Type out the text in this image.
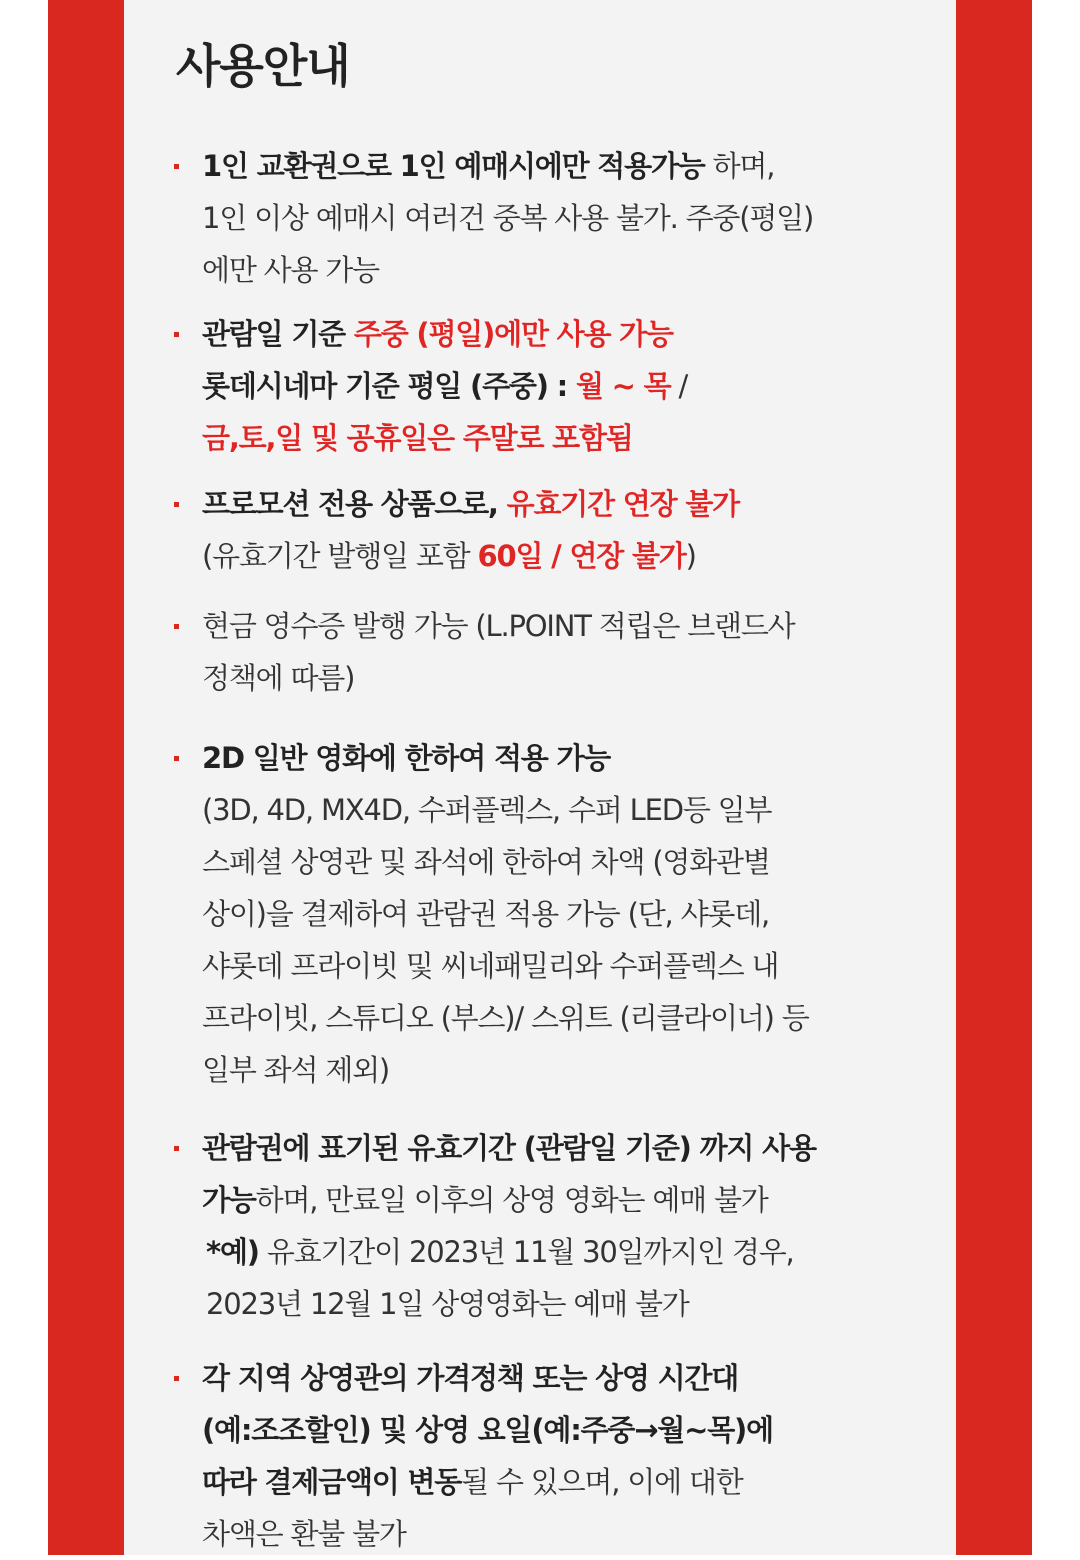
사용안내
1인 교환권으로 1인 예매시에만 적용가능 하며,
1인 이상 예매시 여러건 중복 사용 불가. 주중(평일)
에만 사용 가능
관람일 기준 주중 (평일)에만 사용 가능
롯데시네마 기준 평일 (주중) : 월 ~ 목 /
금,토,일 및 공휴일은 주말로 포함됨
프로모션 전용 상품으로, 유효기간 연장 불가
(유효기간 발행일 포함 60일 / 연장 불가)
현금 영수증 발행 가능 (L.POINT 적립은 브랜드사
정책에 따름)
2D 일반 영화에 한하여 적용 가능
(3D, 4D, MX4D, 수퍼플렉스, 수퍼 LED등 일부
스페셜 상영관 및 좌석에 한하여 차액 (영화관별
상이)을 결제하여 관람권 적용 가능 (단, 샤롯데,
샤롯데 프라이빗 및 씨네패밀리와 수퍼플렉스 내
프라이빗, 스튜디오 (부스)/ 스위트 (리클라이너) 등
일부 좌석 제외)
관람권에 표기된 유효기간 (관람일 기준) 까지 사용
가능하며, 만료일 이후의 상영 영화는 예매 불가
*예) 유효기간이 2023년 11월 30일까지인 경우,
2023년 12월 1일 상영영화는 예매 불가
각 지역 상영관의 가격정책 또는 상영 시간대
(예:조조할인) 및 상영 요일(예:주중→월~목)에
따라 결제금액이 변동될 수 있으며, 이에 대한
차액은 환불 불가
